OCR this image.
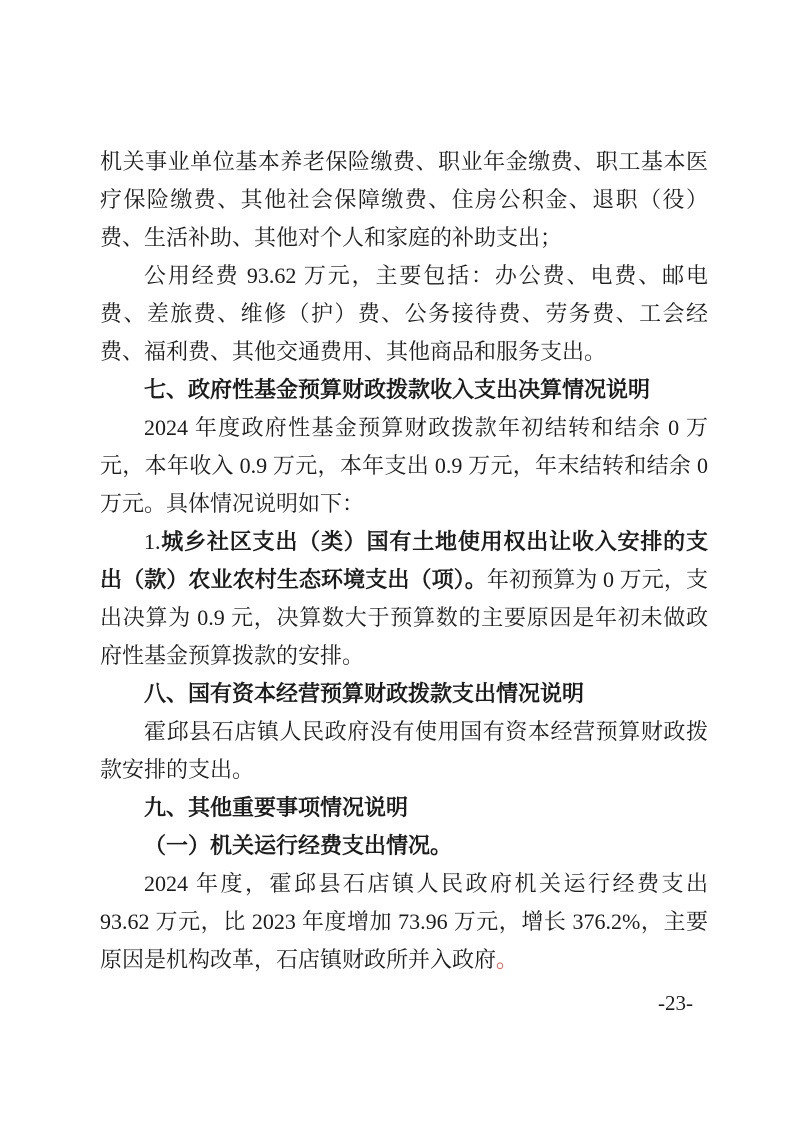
机关事业单位基本养老保险缴费、职业年金缴费、职工基本医疗保险缴费、其他社会保障缴费、住房公积金、退职（役）费、生活补助、其他对个人和家庭的补助支出；

公用经费 93.62 万元，主要包括：办公费、电费、邮电费、差旅费、维修（护）费、公务接待费、劳务费、工会经费、福利费、其他交通费用、其他商品和服务支出。

七、政府性基金预算财政拨款收入支出决算情况说明

2024 年度政府性基金预算财政拨款年初结转和结余 0 万元，本年收入 0.9 万元，本年支出 0.9 万元，年末结转和结余 0 万元。具体情况说明如下：

1.城乡社区支出（类）国有土地使用权出让收入安排的支出（款）农业农村生态环境支出（项）。年初预算为 0 万元，支出决算为 0.9 元，决算数大于预算数的主要原因是年初未做政府性基金预算拨款的安排。

八、国有资本经营预算财政拨款支出情况说明

霍邱县石店镇人民政府没有使用国有资本经营预算财政拨款安排的支出。

九、其他重要事项情况说明

（一）机关运行经费支出情况。

2024 年度，霍邱县石店镇人民政府机关运行经费支出 93.62 万元，比 2023 年度增加 73.96 万元，增长 376.2%，主要原因是机构改革，石店镇财政所并入政府。

-23-
